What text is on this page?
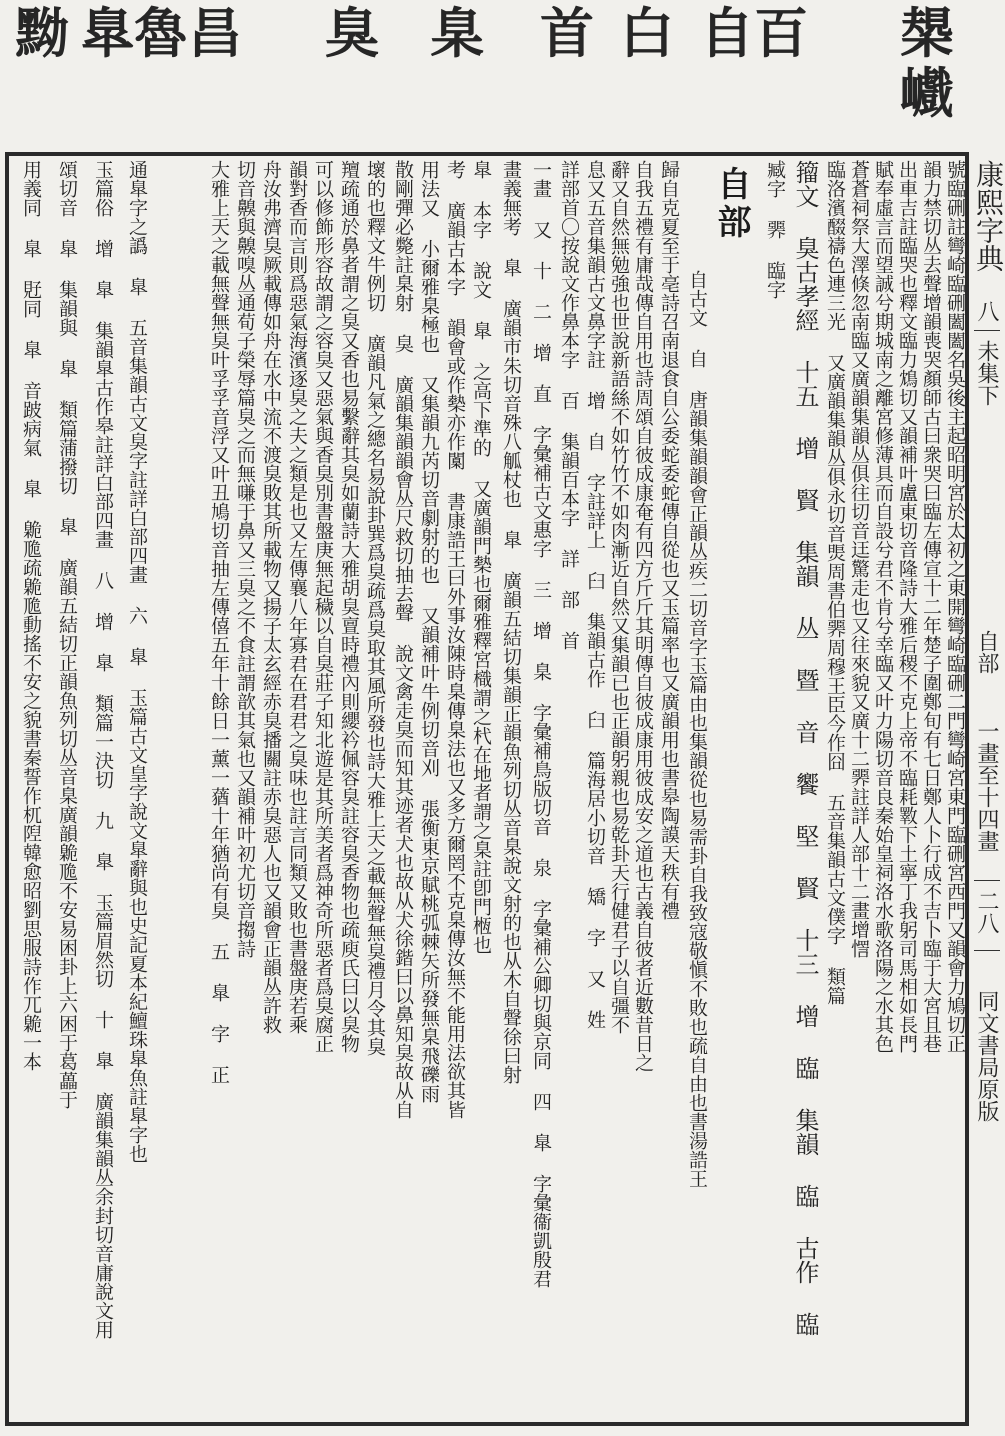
槼巇
自百
白
首
臬
臭
臯魯昌
黝
自部	號臨硎註彎崎臨硎闔闔名吳後主起昭明宮於太初之東開彎崎臨硎二門彎崎宮東門臨硎宮西門又韻會力鳩切正
韻力禁切丛去聲增韻喪哭顏師古曰衆哭曰臨左傳宣十二年楚子圍鄭旬有七日鄭人卜行成不吉卜臨于大宮且巷
出車吉註臨哭也釋文臨力鴆切又韻補叶盧東切音隆詩大雅后稷不克上帝不臨耗斁下土寧丁我躬司馬相如長門
賦奉虛言而望誠兮期城南之離宮修薄具而自設兮君不肯兮幸臨又叶力陽切音良秦始皇祠洛水歌洛陽之水其色
蒼蒼祠祭大澤倏忽南臨又廣韻集韻丛俱往切音迋驚走也又往來貌又廣十二臩註詳人部十二畫增㦒
臨洛濱醊禱色連三光 又廣韻集韻丛俱永切音煚周書伯臩周穆王臣今作囧 五音集韻古文僕字 類篇
籀文 臭古孝經 十五 增 賢 集韻 丛 暨 音 饗 堅 賢 十三 增 臨 集韻 臨 古作 臨
臧字 臩 臨字
自古文 自 唐韻集韻韻會正韻丛疾二切音字玉篇由也集韻從也易需卦自我致寇敬愼不敗也疏自由也書湯誥王
歸自克夏至于亳詩召南退食自公委蛇委蛇傳自從也又玉篇率也又廣韻用也書皋陶謨天秩有禮
自我五禮有庸哉傳自用也詩周頌自彼成康奄有四方斤斤其明傳自彼成康用彼成安之道也古義自彼者近數昔日之
辭又自然無勉強也世說新語絲不如竹竹不如肉漸近自然又集韻已也正韻躬親也易乾卦天行健君子以自彊不
息又五音集韻古文鼻字註 增 自 字註詳上 臼 集韻古作 臼 篇海居小切音 矯 字 又 姓
詳部首〇按說文作鼻本字 百 集韻百本字 詳 部 首
一畫 又 十 二 增 直 字彙補古文惠字 三 增 臬 字彙補鳥版切音 泉 字彙補公卿切與京同 四 臯 字彙衞凱殷君
畫義無考 臯 廣韻市朱切音殊八觚杖也 臯 廣韻五結切集韻正韻魚列切丛音臬說文射的也从木自聲徐曰射
臯 本字 說文 臯 之高下準的 又廣韻門槷也爾雅釋宮樴謂之杙在地者謂之臬註卽門㮓也
考 廣韻古本字 韻會或作槷亦作闑 書康誥王曰外事汝陳時臬傳臬法也又多方爾罔不克臬傳汝無不能用法欲其皆
用法又 小爾雅臬極也 又集韻九芮切音劇射的也 又韻補叶牛例切音刈 張衡東京賦桃弧棘矢所發無臬飛礫雨
散剛彈必斃註臬射 臭 廣韻集韻韻會丛尺救切抽去聲 說文禽走臭而知其迹者犬也故从犬徐鍇曰以鼻知臭故从自
壞的也釋文牛例切 廣韻凡氣之總名易說卦巽爲臭疏爲臭取其風所發也詩大雅上天之載無聲無臭禮月令其臭
羶疏通於鼻者謂之臭又香也易繫辭其臭如蘭詩大雅胡臭亶時禮內則纓衿佩容臭註容臭香物也疏庾氏曰以臭物
可以修飾形容故謂之容臭又惡氣與香臭別書盤庚無起穢以自臭莊子知北遊是其所美者爲神奇所惡者爲臭腐正
韻對香而言則爲惡氣海濱逐臭之夫之類是也又左傳襄八年寡君在君君之臭味也註言同類又敗也書盤庚若乘
舟汝弗濟臭厥載傳如舟在水中流不渡臭敗其所載物又揚子太玄經赤臭播關註赤臭惡人也又韻會正韻丛許救
切音齅與齅嗅丛通荀子榮辱篇臭之而無嗛于鼻又三臭之不食註謂歆其氣也又韻補叶初尤切音搊詩
大雅上天之載無聲無臭叶孚孚音浮又叶丑鳩切音抽左傳僖五年十餘日一薰一蕕十年猶尚有臭 五 臯 字 正
通臯字之譌 臯 五音集韻古文臭字註詳白部四畫 六 臯 玉篇古文皇字說文臯辭與也史記夏本紀鱣珠臯魚註臯字也
玉篇俗 增 臯 集韻臯古作皋註詳白部四畫 八 增 臯 類篇一決切 九 臯 玉篇眉然切 十 臯 廣韻集韻丛余封切音庸說文用
頌切音 臯 集韻與 臯 類篇蒲撥切 臯 廣韻五結切正韻魚列切丛音臬廣韻臲卼不安易困卦上六困于葛藟于
用義同 臯 覎同 臯 音跛病氣 臯 臲卼疏臲卼動搖不安之貌書秦誓作杌隉韓愈昭劉思服詩作兀臲一本	康熙字典
八
未集下
自部
一畫至十四畫
二八
同文書局原版
